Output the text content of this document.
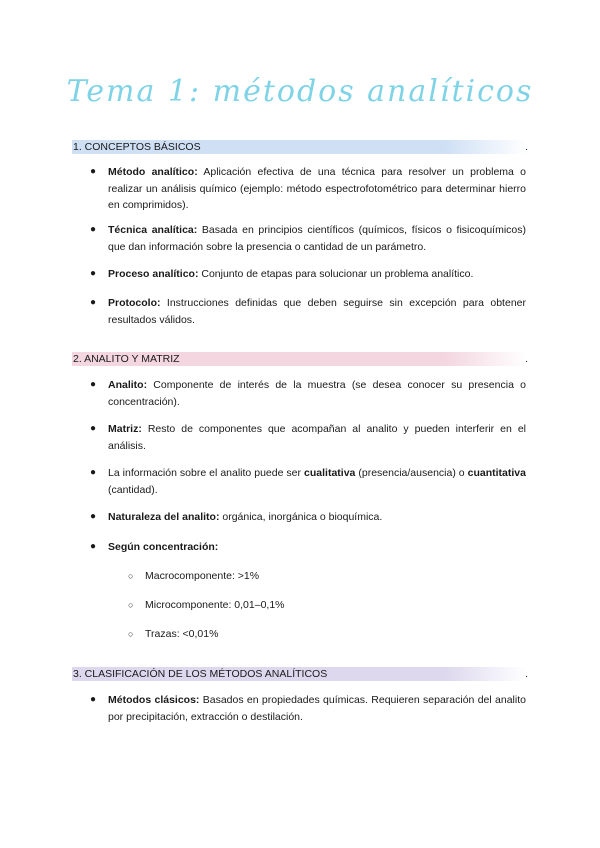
Tema 1: métodos analíticos
1. CONCEPTOS BÁSICOS	.
● Método analítico: Aplicación efectiva de una técnica para resolver un problema o realizar un análisis químico (ejemplo: método espectrofotométrico para determinar hierro en comprimidos).

● Técnica analítica: Basada en principios científicos (químicos, físicos o fisicoquímicos) que dan información sobre la presencia o cantidad de un parámetro.

● Proceso analítico: Conjunto de etapas para solucionar un problema analítico.

● Protocolo: Instrucciones definidas que deben seguirse sin excepción para obtener resultados válidos.

2. ANALITO Y MATRIZ	.
● Analito: Componente de interés de la muestra (se desea conocer su presencia o concentración).

● Matriz: Resto de componentes que acompañan al analito y pueden interferir en el análisis.

● La información sobre el analito puede ser cualitativa (presencia/ausencia) o cuantitativa (cantidad).

● Naturaleza del analito: orgánica, inorgánica o bioquímica.

● Según concentración:

○ Macrocomponente: >1%

○ Microcomponente: 0,01–0,1%

○ Trazas: <0,01%

3. CLASIFICACIÓN DE LOS MÉTODOS ANALÍTICOS	.
● Métodos clásicos: Basados en propiedades químicas. Requieren separación del analito por precipitación, extracción o destilación.
